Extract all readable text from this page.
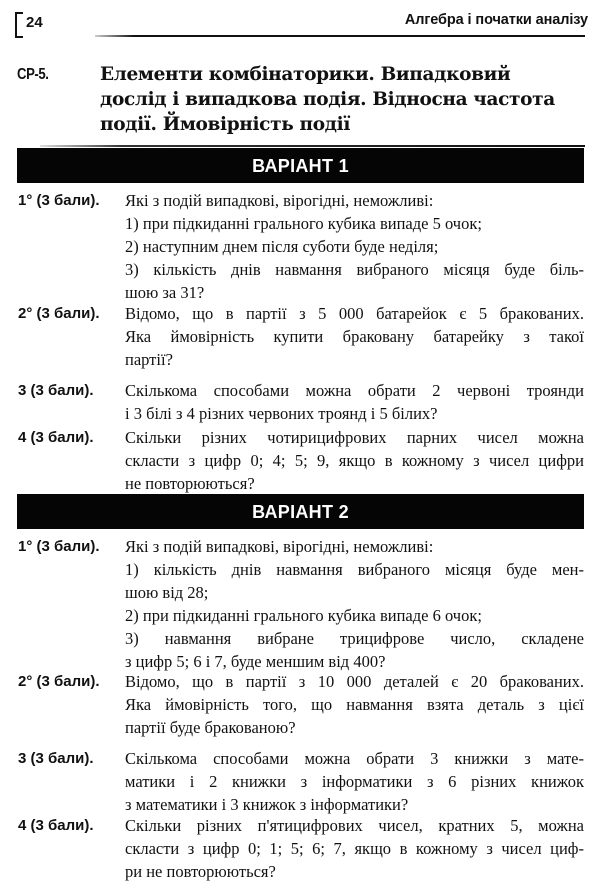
24	Алгебра і початки аналізу
СР-5.	Елементи комбінаторики. Випадковий
дослід і випадкова подія. Відносна частота
події. Ймовірність події
ВАРІАНТ 1
1° (3 бали). Які з подій випадкові, вірогідні, неможливі:
1) при підкиданні грального кубика випаде 5 очок;
2) наступним днем після суботи буде неділя;
3) кількість днів навмання вибраного місяця буде біль-
шою за 31?
2° (3 бали). Відомо, що в партії з 5 000 батарейок є 5 бракованих.
Яка ймовірність купити браковану батарейку з такої
партії?
3 (3 бали). Скількома способами можна обрати 2 червоні троянди
і 3 білі з 4 різних червоних троянд і 5 білих?
4 (3 бали). Скільки різних чотирицифрових парних чисел можна
скласти з цифр 0; 4; 5; 9, якщо в кожному з чисел цифри
не повторюються?
ВАРІАНТ 2
1° (3 бали). Які з подій випадкові, вірогідні, неможливі:
1) кількість днів навмання вибраного місяця буде мен-
шою від 28;
2) при підкиданні грального кубика випаде 6 очок;
3) навмання вибране трицифрове число, складене
з цифр 5; 6 і 7, буде меншим від 400?
2° (3 бали). Відомо, що в партії з 10 000 деталей є 20 бракованих.
Яка ймовірність того, що навмання взята деталь з цієї
партії буде бракованою?
3 (3 бали). Скількома способами можна обрати 3 книжки з мате-
матики і 2 книжки з інформатики з 6 різних книжок
з математики і 3 книжок з інформатики?
4 (3 бали). Скільки різних п'ятицифрових чисел, кратних 5, можна
скласти з цифр 0; 1; 5; 6; 7, якщо в кожному з чисел циф-
ри не повторюються?
